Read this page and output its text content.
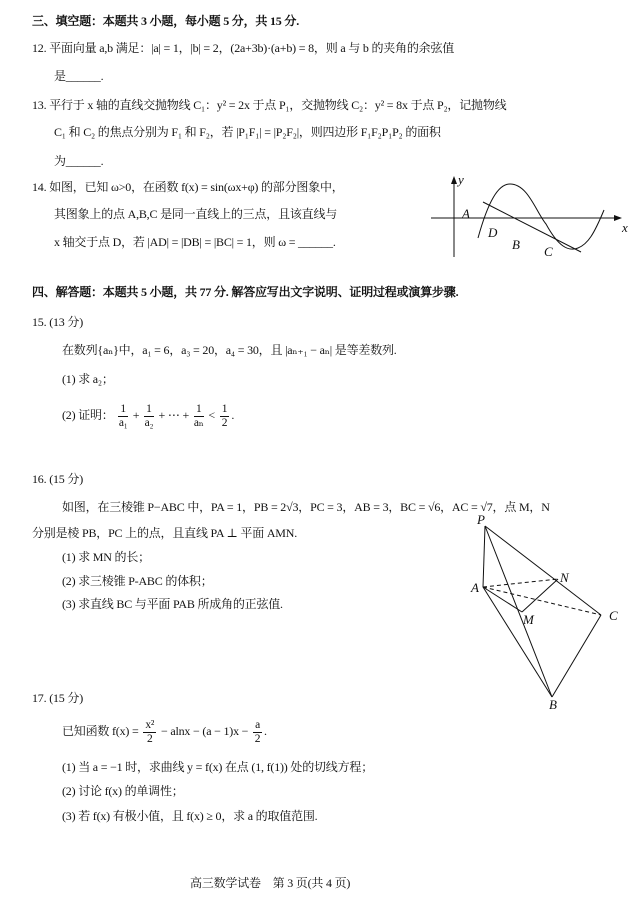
三、填空题：本题共 3 小题，每小题 5 分，共 15 分.
12. 平面向量 a,b 满足：|a| = 1，|b| = 2，(2a+3b)·(a+b) = 8，则 a 与 b 的夹角的余弦值
是______.
13. 平行于 x 轴的直线交抛物线 C₁：y² = 2x 于点 P₁，交抛物线 C₂：y² = 8x 于点 P₂，记抛物线
C₁ 和 C₂ 的焦点分别为 F₁ 和 F₂，若 |P₁F₁| = |P₂F₂|，则四边形 F₁F₂P₁P₂ 的面积
为______.
14. 如图，已知 ω>0，在函数 f(x) = sin(ωx+φ) 的部分图象中，
其图象上的点 A,B,C 是同一直线上的三点，且该直线与
x 轴交于点 D，若 |AD| = |DB| = |BC| = 1，则 ω = ______.
y
x
A
D
B C
四、解答题：本题共 5 小题，共 77 分. 解答应写出文字说明、证明过程或演算步骤.
15. (13 分)
在数列{aₙ}中，a₁ = 6，a₃ = 20，a₄ = 30，且 |aₙ₊₁ − aₙ| 是等差数列.
(1) 求 a₂；
(2) 证明： $\frac{1}{\text{a₁}} + \frac{1}{\text{a₂}}$ + ⋯ + $\frac{1}{\text{aₙ}} < \frac{1}{2}$ .
16. (15 分)
如图，在三棱锥 P−ABC 中，PA = 1，PB = 2√3，PC = 3，AB = 3，BC = √6，AC = √7，点 M，N
分别是棱 PB，PC 上的点，且直线 PA ⊥ 平面 AMN.
(1) 求 MN 的长；
(2) 求三棱锥 P-ABC 的体积；
(3) 求直线 BC 与平面 PAB 所成角的正弦值.
P
A
N
M	C
B
17. (15 分)
已知函数 $f(x) = \frac{\text{x²}}{2} - alnx - (a - 1)x - \frac{a}{2}$ .
(1) 当 a = −1 时，求曲线 y = f(x) 在点 (1, f(1)) 处的切线方程；
(2) 讨论 f(x) 的单调性；
(3) 若 f(x) 有极小值，且 f(x) ≥ 0，求 a 的取值范围.
高三数学试卷　第 3 页(共 4 页)
